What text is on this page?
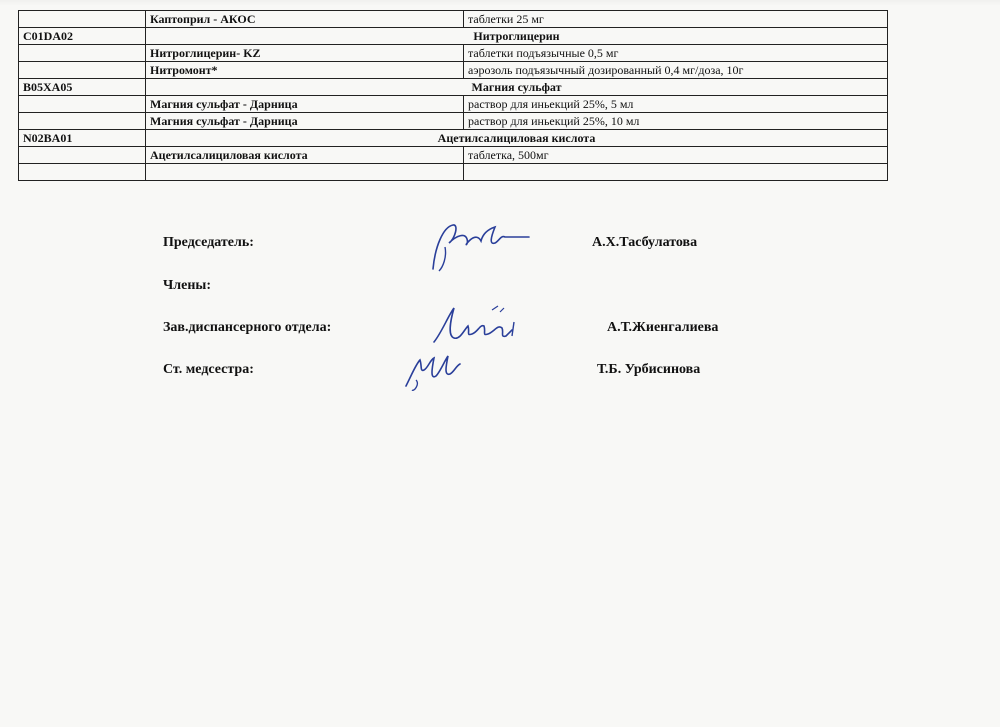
	Каптоприл - АКОС	таблетки 25 мг
C01DA02	Нитроглицерин	
	Нитроглицерин- KZ	таблетки подъязычные 0,5 мг
	Нитромонт*	аэрозоль подъязычный дозированный 0,4 мг/доза, 10г
B05XA05	Магния сульфат	
	Магния сульфат - Дарница	раствор для иньекций 25%, 5 мл
	Магния сульфат - Дарница	раствор для иньекций 25%, 10 мл
N02BA01	Ацетилсалициловая кислота	
	Ацетилсалициловая кислота	таблетка, 500мг

Председатель:	А.Х.Тасбулатова
Члены:
Зав.диспансерного отдела:	А.Т.Жиенгалиева
Ст. медсестра:	Т.Б. Урбисинова
